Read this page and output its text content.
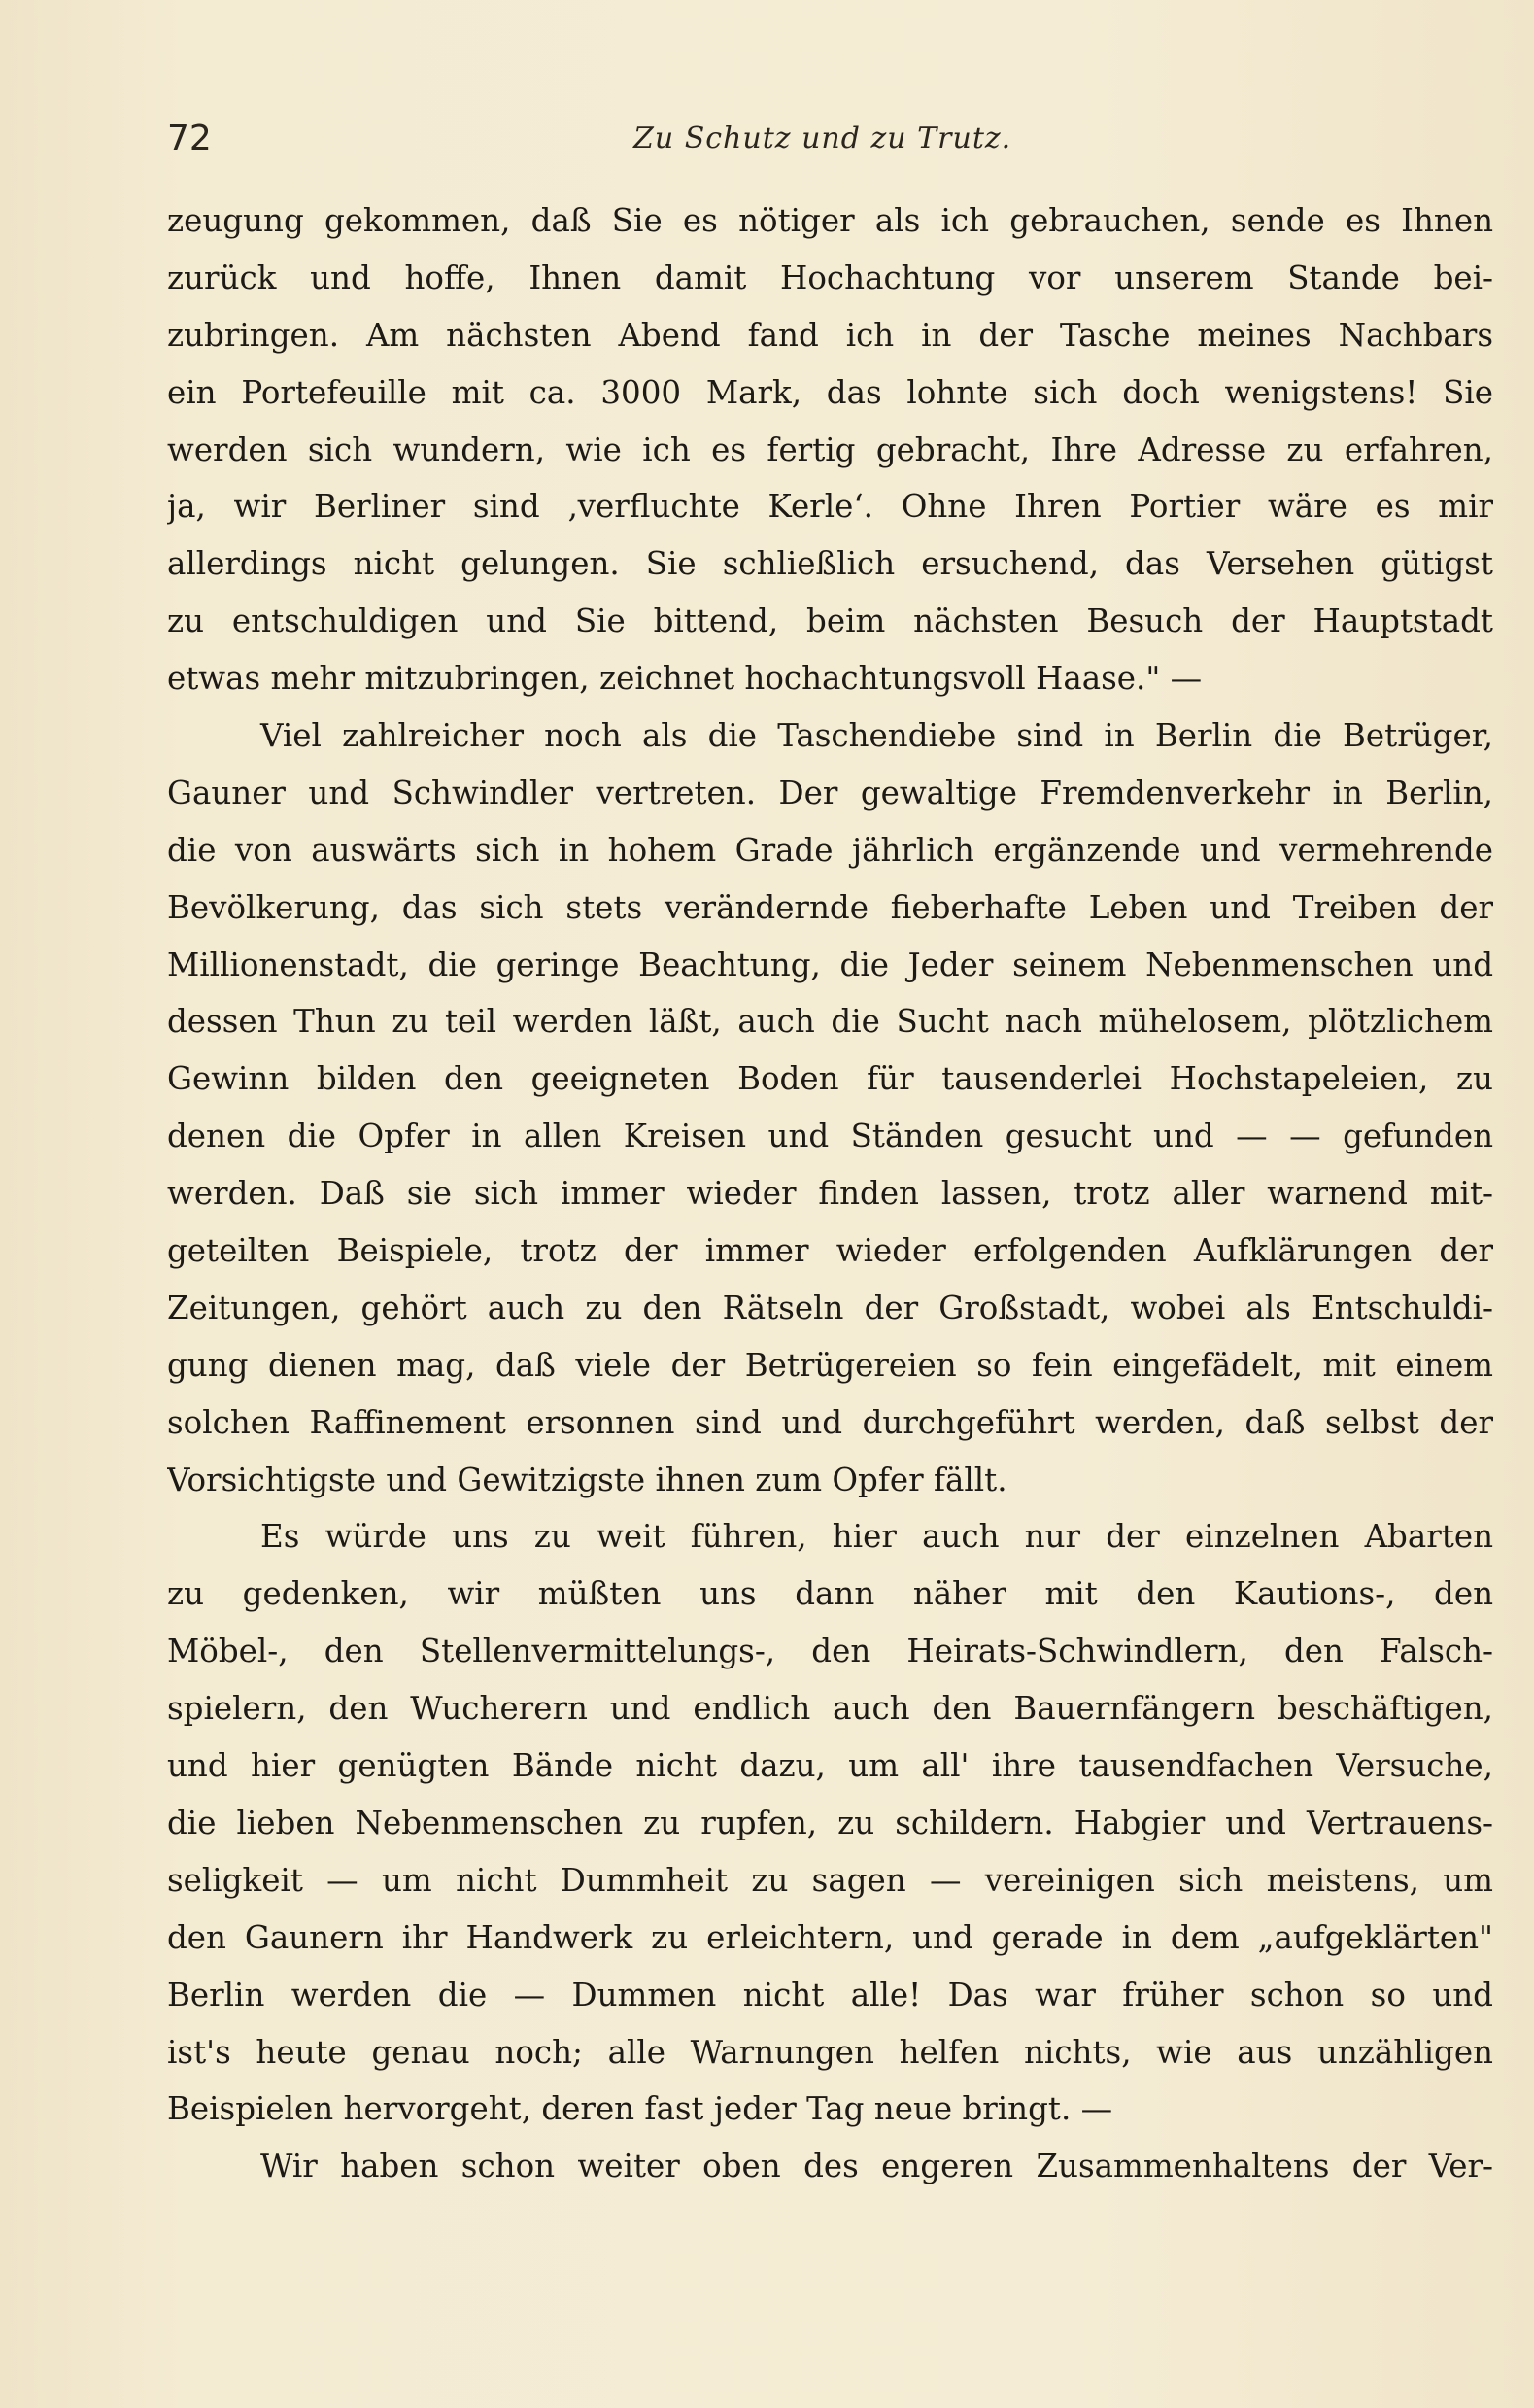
72	Zu Schutz und zu Trutz.
zeugung gekommen, daß Sie es nötiger als ich gebrauchen, sende es Ihnen
zurück und hoffe, Ihnen damit Hochachtung vor unserem Stande bei-
zubringen. Am nächsten Abend fand ich in der Tasche meines Nachbars
ein Portefeuille mit ca. 3000 Mark, das lohnte sich doch wenigstens! Sie
werden sich wundern, wie ich es fertig gebracht, Ihre Adresse zu erfahren,
ja, wir Berliner sind ‚verfluchte Kerle‘. Ohne Ihren Portier wäre es mir
allerdings nicht gelungen. Sie schließlich ersuchend, das Versehen gütigst
zu entschuldigen und Sie bittend, beim nächsten Besuch der Hauptstadt
etwas mehr mitzubringen, zeichnet hochachtungsvoll Haase." —
Viel zahlreicher noch als die Taschendiebe sind in Berlin die Betrüger,
Gauner und Schwindler vertreten. Der gewaltige Fremdenverkehr in Berlin,
die von auswärts sich in hohem Grade jährlich ergänzende und vermehrende
Bevölkerung, das sich stets verändernde fieberhafte Leben und Treiben der
Millionenstadt, die geringe Beachtung, die Jeder seinem Nebenmenschen und
dessen Thun zu teil werden läßt, auch die Sucht nach mühelosem, plötzlichem
Gewinn bilden den geeigneten Boden für tausenderlei Hochstapeleien, zu
denen die Opfer in allen Kreisen und Ständen gesucht und — — gefunden
werden. Daß sie sich immer wieder finden lassen, trotz aller warnend mit-
geteilten Beispiele, trotz der immer wieder erfolgenden Aufklärungen der
Zeitungen, gehört auch zu den Rätseln der Großstadt, wobei als Entschuldi-
gung dienen mag, daß viele der Betrügereien so fein eingefädelt, mit einem
solchen Raffinement ersonnen sind und durchgeführt werden, daß selbst der
Vorsichtigste und Gewitzigste ihnen zum Opfer fällt.
Es würde uns zu weit führen, hier auch nur der einzelnen Abarten
zu gedenken, wir müßten uns dann näher mit den Kautions-, den
Möbel-, den Stellenvermittelungs-, den Heirats-Schwindlern, den Falsch-
spielern, den Wucherern und endlich auch den Bauernfängern beschäftigen,
und hier genügten Bände nicht dazu, um all' ihre tausendfachen Versuche,
die lieben Nebenmenschen zu rupfen, zu schildern. Habgier und Vertrauens-
seligkeit — um nicht Dummheit zu sagen — vereinigen sich meistens, um
den Gaunern ihr Handwerk zu erleichtern, und gerade in dem „aufgeklärten"
Berlin werden die — Dummen nicht alle! Das war früher schon so und
ist's heute genau noch; alle Warnungen helfen nichts, wie aus unzähligen
Beispielen hervorgeht, deren fast jeder Tag neue bringt. —
Wir haben schon weiter oben des engeren Zusammenhaltens der Ver-
